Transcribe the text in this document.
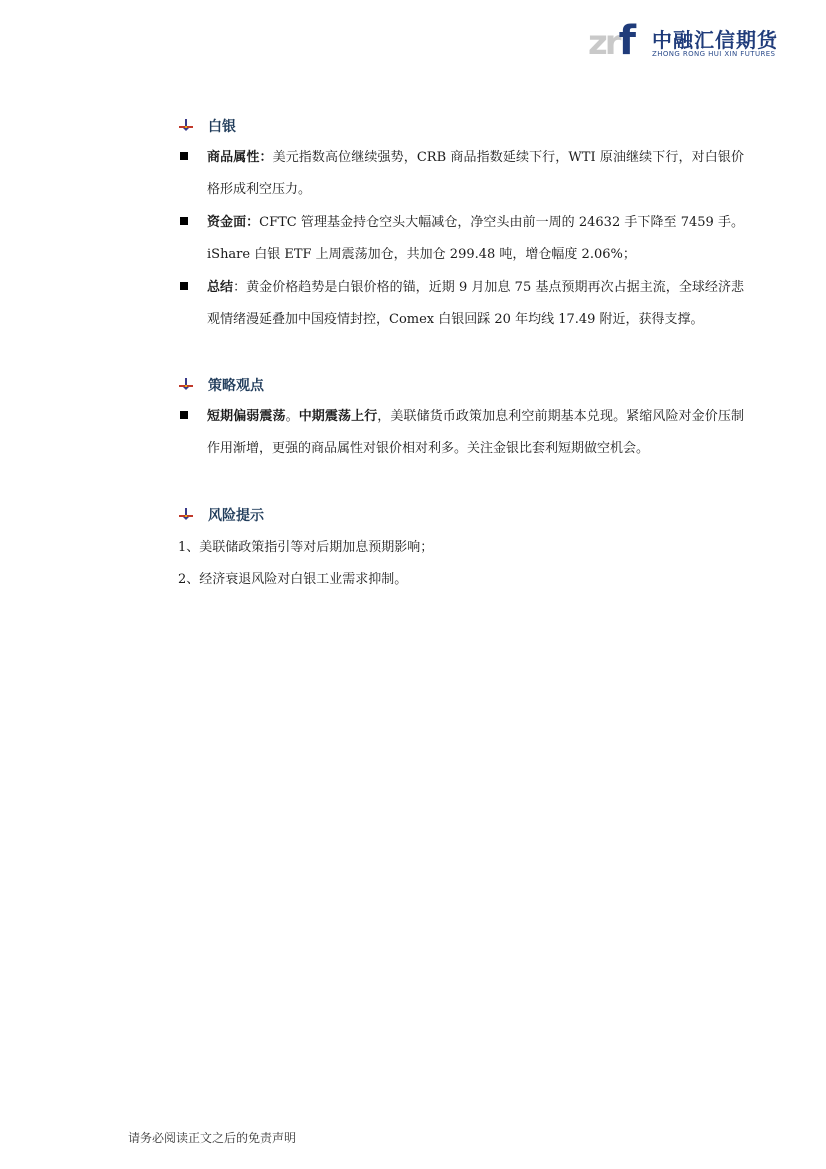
zrf 中融汇信期货
ZHONG RONG HUI XIN FUTURES
白银
商品属性：美元指数高位继续强势，CRB 商品指数延续下行，WTI 原油继续下行，对白银价格形成利空压力。
资金面：CFTC 管理基金持仓空头大幅减仓，净空头由前一周的 24632 手下降至 7459 手。iShare 白银 ETF 上周震荡加仓，共加仓 299.48 吨，增仓幅度 2.06%；
总结：黄金价格趋势是白银价格的锚，近期 9 月加息 75 基点预期再次占据主流，全球经济悲观情绪漫延叠加中国疫情封控，Comex 白银回踩 20 年均线 17.49 附近，获得支撑。
策略观点
短期偏弱震荡。中期震荡上行，美联储货币政策加息利空前期基本兑现。紧缩风险对金价压制作用渐增，更强的商品属性对银价相对利多。关注金银比套利短期做空机会。
风险提示
1、美联储政策指引等对后期加息预期影响；
2、经济衰退风险对白银工业需求抑制。
请务必阅读正文之后的免责声明
